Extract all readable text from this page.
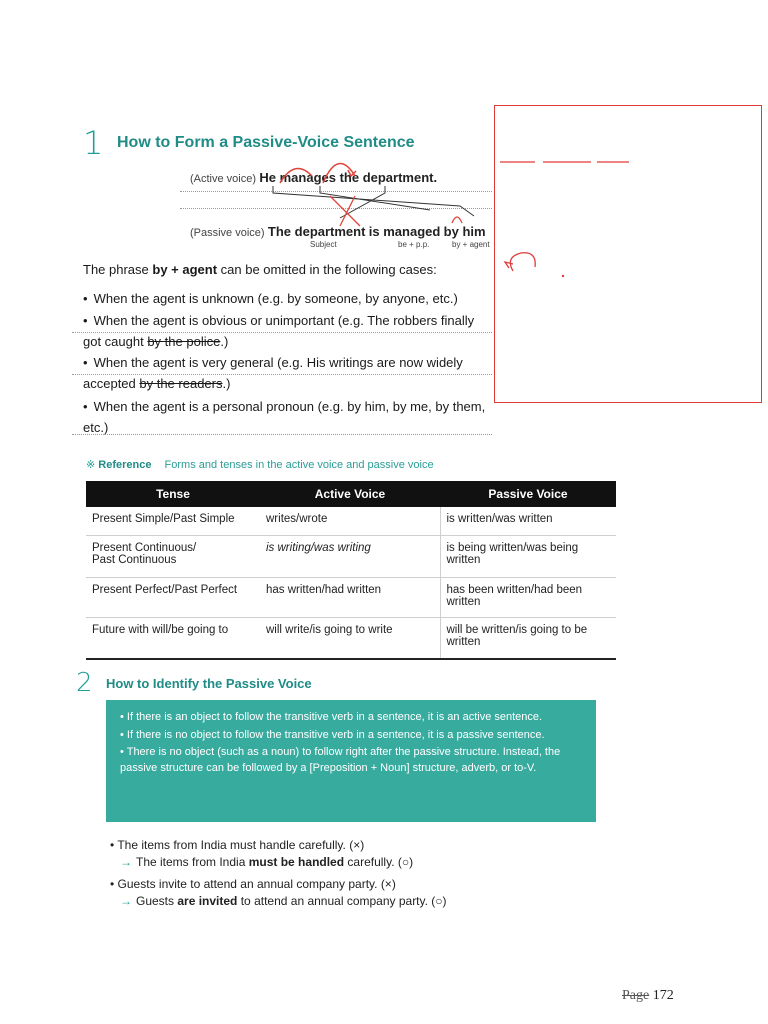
1 How to Form a Passive-Voice Sentence
(Active voice) He manages the department.
(Passive voice) The department is managed by him
Subject	be + p.p.	by + agent
The phrase by + agent can be omitted in the following cases:
• When the agent is unknown (e.g. by someone, by anyone, etc.)
• When the agent is obvious or unimportant (e.g. The robbers finally got caught by the police.)
• When the agent is very general (e.g. His writings are now widely accepted by the readers.)
• When the agent is a personal pronoun (e.g. by him, by me, by them, etc.)
※ Reference Forms and tenses in the active voice and passive voice
Tense	Active Voice	Passive Voice
Present Simple/Past Simple	writes/wrote	is written/was written
Present Continuous/
Past Continuous	is writing/was writing	is being written/was being written
Present Perfect/Past Perfect	has written/had written	has been written/had been written
Future with will/be going to	will write/is going to write	will be written/is going to be written
2 How to Identify the Passive Voice
• If there is an object to follow the transitive verb in a sentence, it is an active sentence.
• If there is no object to follow the transitive verb in a sentence, it is a passive sentence.
• There is no object (such as a noun) to follow right after the passive structure. Instead, the passive structure can be followed by a [Preposition + Noun] structure, adverb, or to-V.
• The items from India must handle carefully. (×)
→ The items from India must be handled carefully. (○)
• Guests invite to attend an annual company party. (×)
→ Guests are invited to attend an annual company party. (○)
Page 172
